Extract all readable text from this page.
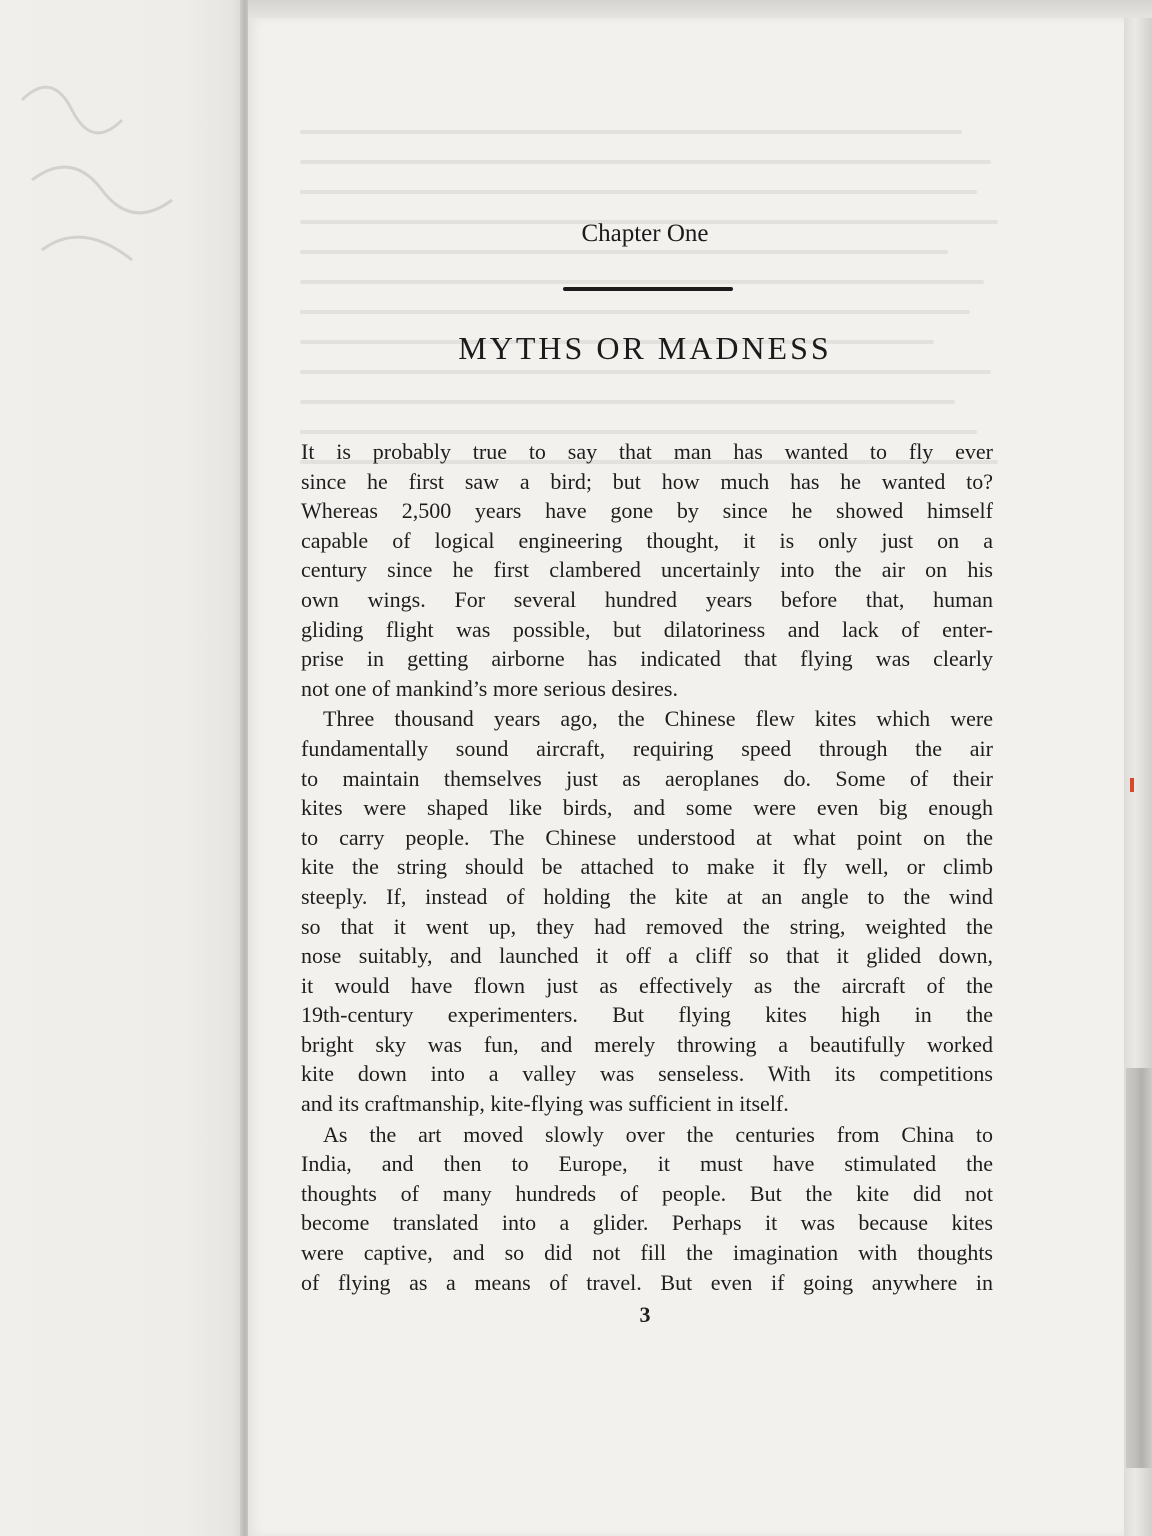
Chapter One
MYTHS OR MADNESS
It is probably true to say that man has wanted to fly ever
since he first saw a bird; but how much has he wanted to?
Whereas 2,500 years have gone by since he showed himself
capable of logical engineering thought, it is only just on a
century since he first clambered uncertainly into the air on his
own wings. For several hundred years before that, human
gliding flight was possible, but dilatoriness and lack of enter-
prise in getting airborne has indicated that flying was clearly
not one of mankind’s more serious desires.
Three thousand years ago, the Chinese flew kites which were
fundamentally sound aircraft, requiring speed through the air
to maintain themselves just as aeroplanes do. Some of their
kites were shaped like birds, and some were even big enough
to carry people. The Chinese understood at what point on the
kite the string should be attached to make it fly well, or climb
steeply. If, instead of holding the kite at an angle to the wind
so that it went up, they had removed the string, weighted the
nose suitably, and launched it off a cliff so that it glided down,
it would have flown just as effectively as the aircraft of the
19th-century experimenters. But flying kites high in the
bright sky was fun, and merely throwing a beautifully worked
kite down into a valley was senseless. With its competitions
and its craftmanship, kite-flying was sufficient in itself.
As the art moved slowly over the centuries from China to
India, and then to Europe, it must have stimulated the
thoughts of many hundreds of people. But the kite did not
become translated into a glider. Perhaps it was because kites
were captive, and so did not fill the imagination with thoughts
of flying as a means of travel. But even if going anywhere in
3
